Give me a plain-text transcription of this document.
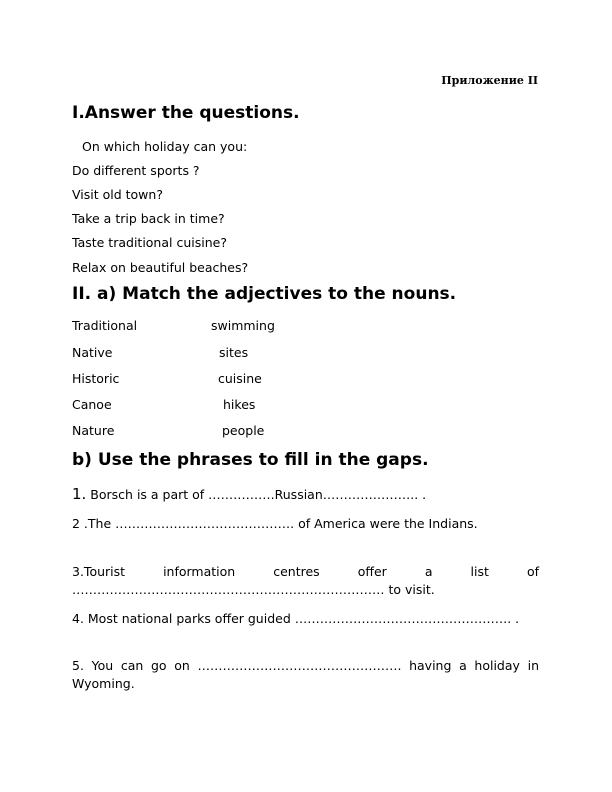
Приложение II
I.Answer the questions.
On which holiday can you:
Do different sports ?
Visit old town?
Take a trip back in time?
Taste traditional cuisine?
Relax on beautiful beaches?
II. a) Match the adjectives to the nouns.
Traditional	swimming
Native	sites
Historic	cuisine
Canoe	hikes
Nature	people
b) Use the phrases to fill in the gaps.
1. Borsch is a part of …………….Russian………………….. .
2 .The ……………………………………. of America were the Indians.
3.Tourist information centres offer a list of ………………………………………………………………… to visit.
4. Most national parks offer guided ……………………………………………. .
5. You can go on …………………………………………. having a holiday in Wyoming.
